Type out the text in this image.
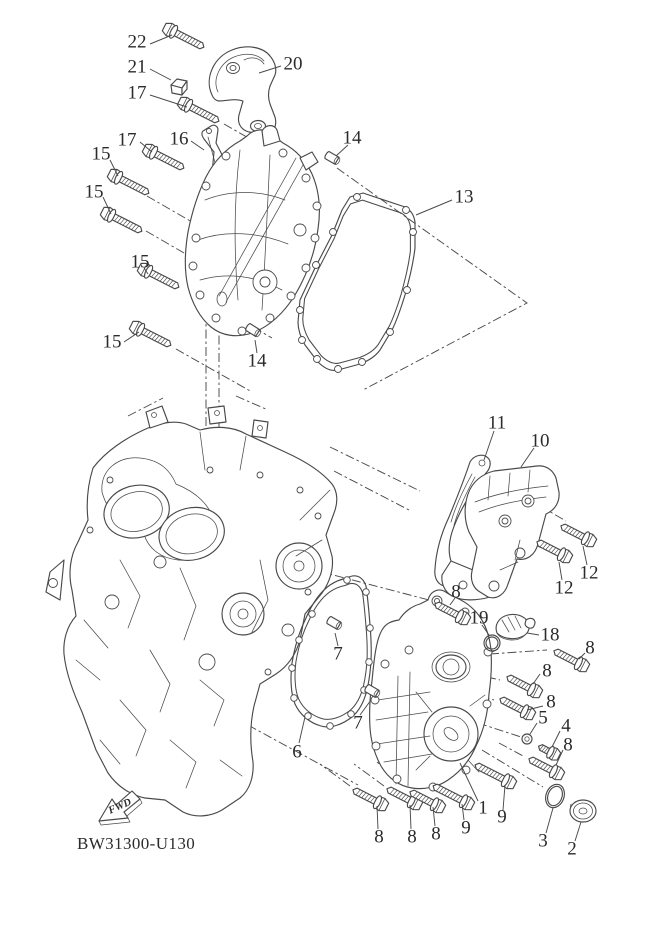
FWD
BW31300-U130
22
21
17
17 16
15
15
15
15
20
14
14
13
11
10
12
12
8
19
18
8
8
8
5 4
8
1
9
9
3 2
6
7
7
8 8 8
